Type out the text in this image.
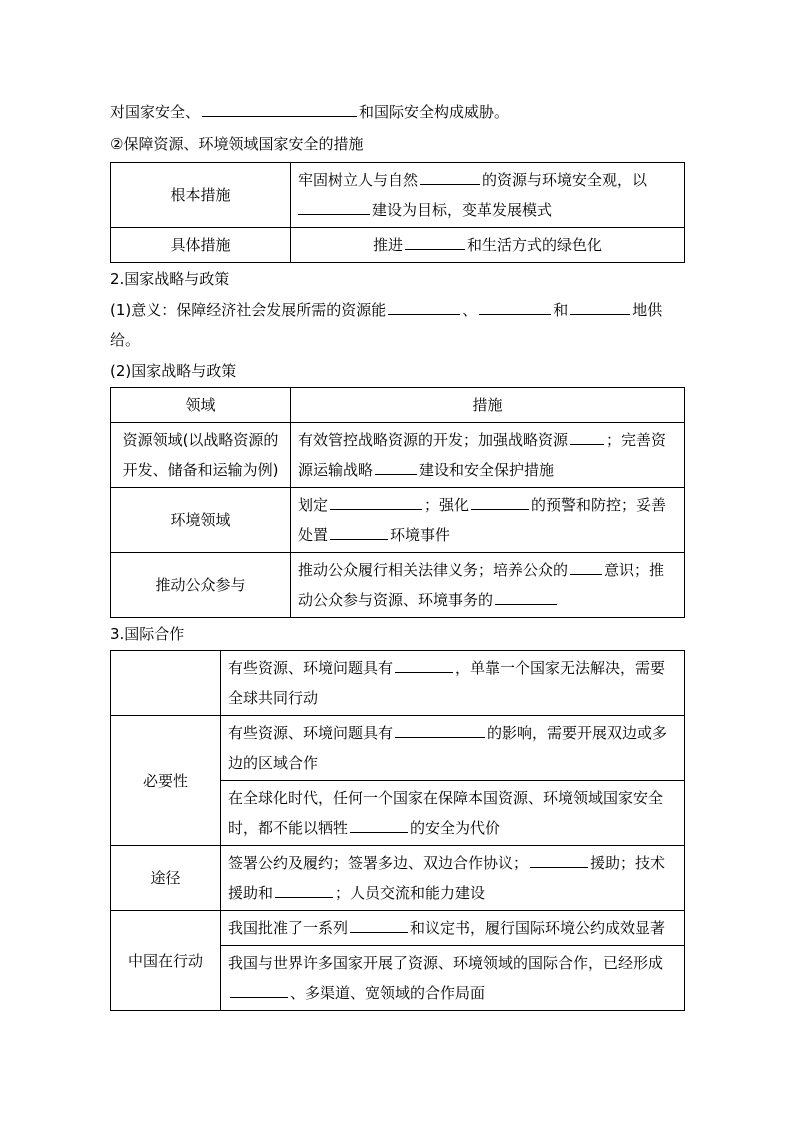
对国家安全、	和国际安全构成威胁。

②保障资源、环境领域国家安全的措施

根本措施	牢固树立人与自然 的资源与环境安全观，以
建设为目标，变革发展模式
具体措施	推进 和生活方式的绿色化

2.国家战略与政策

(1)意义：保障经济社会发展所需的资源能	、	和	地供给。

(2)国家战略与政策

领域	措施
资源领域(以战略资源的开发、储备和运输为例)	有效管控战略资源的开发；加强战略资源 ；完善资源运输战略 建设和安全保护措施
环境领域	划定 ；强化 的预警和防控；妥善处置 环境事件
推动公众参与	推动公众履行相关法律义务；培养公众的 意识；推动公众参与资源、环境事务的

3.国际合作

	有些资源、环境问题具有 ，单靠一个国家无法解决，需要全球共同行动
必要性	有些资源、环境问题具有 的影响，需要开展双边或多边的区域合作
	在全球化时代，任何一个国家在保障本国资源、环境领域国家安全时，都不能以牺牲 的安全为代价
途径	签署公约及履约；签署多边、双边合作协议； 援助；技术援助和 ；人员交流和能力建设
中国在行动	我国批准了一系列 和议定书，履行国际环境公约成效显著
	我国与世界许多国家开展了资源、环境领域的国际合作，已经形成、多渠道、宽领域的合作局面
